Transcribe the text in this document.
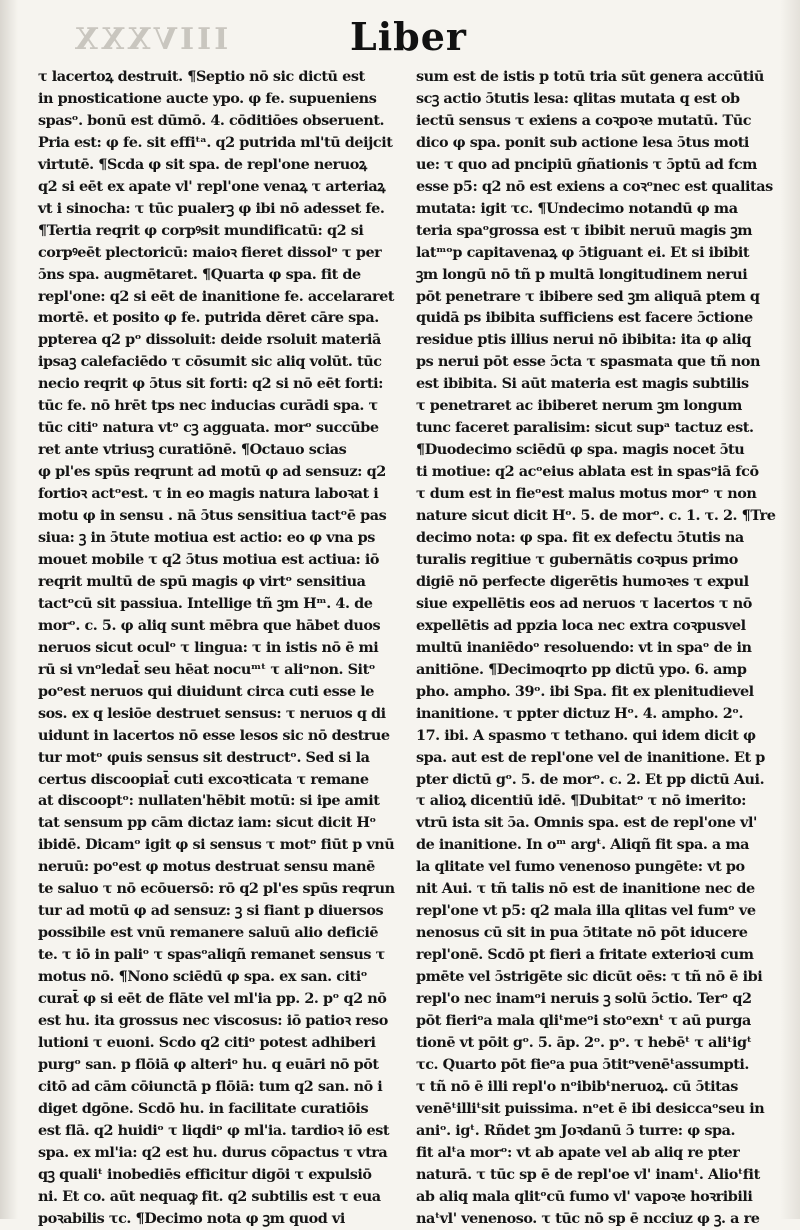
IIIVXXX	Liber
τ lacertoꝝ destruit. ¶Septio nō sic dictū est
in pnosticatione aucte ypo. φ fe. supueniens
spasᵒ. bonū est dūmō. 4. cōditiōes obseruent.
Pria est: φ fe. sit effiᵗᵃ. q2 putrida ml'tū deijcit
virtutē. ¶Scda φ sit spa. de repl'one neruoꝝ
q2 si eēt ex apate vl' repl'one venaꝝ τ arteriaꝝ
vt i sinocha: τ tūc pualerꝫ φ ibi nō adesset fe.
¶Tertia reqrit φ corpꝰsit mundificatū: q2 si
corpꝰeēt plectoricū: maioꝛ fieret dissolᵒ τ per
ɔ̄ns spa. augmētaret. ¶Quarta φ spa. fit de
repl'one: q2 si eēt de inanitione fe. accelararet
mortē. et posito φ fe. putrida dēret cāre spa.
ppterea q2 pᵒ dissoluit: deide rsoluit materiā
ipsaꝫ calefaciēdo τ cōsumit sic aliq volūt. tūc
necio reqrit φ ɔ̄tus sit forti: q2 si nō eēt forti:
tūc fe. nō hrēt tps nec inducias curādi spa. τ
tūc citiᵒ natura vtᵒ cꝫ agguata. morᵒ succūbe
ret ante vtriusꝫ curatiōnē. ¶Octauo scias
φ pl'es spūs reqrunt ad motū φ ad sensuz: q2
fortioꝛ actᵒest. τ in eo magis natura laboꝛat i
motu φ in sensu . nā ɔ̄tus sensitiua tactᵒē pas
siua: ꝫ in ɔ̄tute motiua est actio: eo φ vna ps
mouet mobile τ q2 ɔ̄tus motiua est actiua: iō
reqrit multū de spū magis φ virtᵒ sensitiua
tactᵒcū sit passiua. Intellige tñ ꝫm Hᵐ. 4. de
morᵒ. c. 5. φ aliq sunt mēbra que hābet duos
neruos sicut oculᵒ τ lingua: τ in istis nō ē mi
rū si vnᵒledat̄ seu hēat nocuᵐᵗ τ aliᵒnon. Sitᵒ
poᵒest neruos qui diuidunt circa cuti esse le
sos. ex q lesiōe destruet sensus: τ neruos q di
uidunt in lacertos nō esse lesos sic nō destrue
tur motᵒ φuis sensus sit destructᵒ. Sed si la
certus discoopiat̄ cuti excoꝛticata τ remane
at discooptᵒ: nullaten'hēbit motū: si ipe amit
tat sensum pp cām dictaz iam: sicut dicit Hᵒ
ibidē. Dicamᵒ igit φ si sensus τ motᵒ fiūt p vnū
neruū: poᵒest φ motus destruat sensu manē
te saluo τ nō ecōuersō: rō q2 pl'es spūs reqrun
tur ad motū φ ad sensuz: ꝫ si fiant p diuersos
possibile est vnū remanere saluū alio deficiē
te. τ iō in paliᵒ τ spasᵒaliqñ remanet sensus τ
motus nō. ¶Nono sciēdū φ spa. ex san. citiᵒ
curat̄ φ si eēt de flāte vel ml'ia pp. 2. pᵒ q2 nō
est hu. ita grossus nec viscosus: iō patioꝛ reso
lutioni τ euoni. Scdo q2 citiᵒ potest adhiberi
purgᵒ san. p flōiā φ alteriᵒ hu. q euāri nō pōt
citō ad cām cōiunctā p flōiā: tum q2 san. nō i
diget dgōne. Scdō hu. in facilitate curatiōis
est flā. q2 huidiᵒ τ liqdiᵒ φ ml'ia. tardioꝛ iō est
spa. ex ml'ia: q2 est hu. durus cōpactus τ vtra
qꝫ qualiᵗ inobediēs efficitur digōi τ expulsiō
ni. Et co. aūt nequaꝙ fit. q2 subtilis est τ eua
poꝛabilis τc. ¶Decimo nota φ ꝫm quod vi
sum est de istis p totū tria sūt genera accūtiū
scꝫ actio ɔ̄tutis lesa: qlitas mutata q est ob
iectū sensus τ exiens a coꝛpoꝛe mutatū. Tūc
dico φ spa. ponit sub actione lesa ɔ̄tus moti
ue: τ quo ad pncipiū gñationis τ ɔ̄ptū ad fcm
esse p5: q2 nō est exiens a coꝛᵒnec est qualitas
mutata: igit τc. ¶Undecimo notandū φ ma
teria spaᵒgrossa est τ ibibit neruū magis ꝫm
latᵐᵒp capitavenaꝝ φ ɔ̄tiguant ei. Et si ibibit
ꝫm longū nō tñ p multā longitudinem nerui
pōt penetrare τ ibibere sed ꝫm aliquā ptem q
quidā ps ibibita sufficiens est facere ɔ̄ctione
residue ptis illius nerui nō ibibita: ita φ aliq
ps nerui pōt esse ɔ̄cta τ spasmata que tñ non
est ibibita. Si aūt materia est magis subtilis
τ penetraret ac ibiberet nerum ꝫm longum
tunc faceret paralisim: sicut supᵃ tactuz est.
¶Duodecimo sciēdū φ spa. magis nocet ɔ̄tu
ti motiue: q2 acᵒeius ablata est in spasᵒiā fcō
τ dum est in fieᵒest malus motus morᵒ τ non
nature sicut dicit Hᵒ. 5. de morᵒ. c. 1. τ. 2. ¶Tre
decimo nota: φ spa. fit ex defectu ɔ̄tutis na
turalis regitiue τ gubernātis coꝛpus primo
digiē nō perfecte digerētis humoꝛes τ expul
siue expellētis eos ad neruos τ lacertos τ nō
expellētis ad ppzia loca nec extra coꝛpusvel
multū inaniēdoᵒ resoluendo: vt in spaᵒ de in
anitiōne. ¶Decimoqrto pp dictū ypo. 6. amp
pho. ampho. 39ᵒ. ibi Spa. fit ex plenitudievel
inanitione. τ ppter dictuz Hᵒ. 4. ampho. 2ᵒ.
17. ibi. A spasmo τ tethano. qui idem dicit φ
spa. aut est de repl'one vel de inanitione. Et p
pter dictū gᵒ. 5. de morᵒ. c. 2. Et pp dictū Aui.
τ alioꝝ dicentiū idē. ¶Dubitatᵒ τ nō imerito:
vtrū ista sit ɔ̄a. Omnis spa. est de repl'one vl'
de inanitione. In oᵐ argᵗ. Aliqñ fit spa. a ma
la qlitate vel fumo venenoso pungēte: vt po
nit Aui. τ tñ talis nō est de inanitione nec de
repl'one vt p5: q2 mala illa qlitas vel fumᵒ ve
nenosus cū sit in pua ɔ̄titate nō pōt iducere
repl'onē. Scdō pt fieri a fritate exterioꝛi cum
pmēte vel ɔ̄strigēte sic dicūt oēs: τ tñ nō ē ibi
repl'o nec inamᵒi neruis ꝫ solū ɔ̄ctio. Terᵒ q2
pōt fieriᵒa mala qliᵗmeᵒi stoᵒexnᵗ τ aū purga
tionē vt pōit gᵒ. 5. āp. 2ᵒ. pᵒ. τ hebēᵗ τ aliᵗigᵗ
τc. Quarto pōt fieᵒa pua ɔ̄titᵒvenēᵗassumpti.
τ tñ nō ē illi repl'o nᵒibibᵗneruoꝝ. cū ɔ̄titas
venēᵗilliᵗsit puissima. nᵒet ē ibi desiccaᵒseu in
aniᵒ. igᵗ. Rñdet ꝫm Joꝛdanū ɔ̄ turre: φ spa.
fit alᵗa morᵒ: vt ab apate vel ab aliq re pter
naturā. τ tūc sp ē de repl'oe vl' inamᵗ. Alioᵗfit
ab aliq mala qlitᵒcū fumo vl' vapoꝛe hoꝛribili
naᵗvl' venenoso. τ tūc nō sp ē ncciuz φ ꝫ. a re
